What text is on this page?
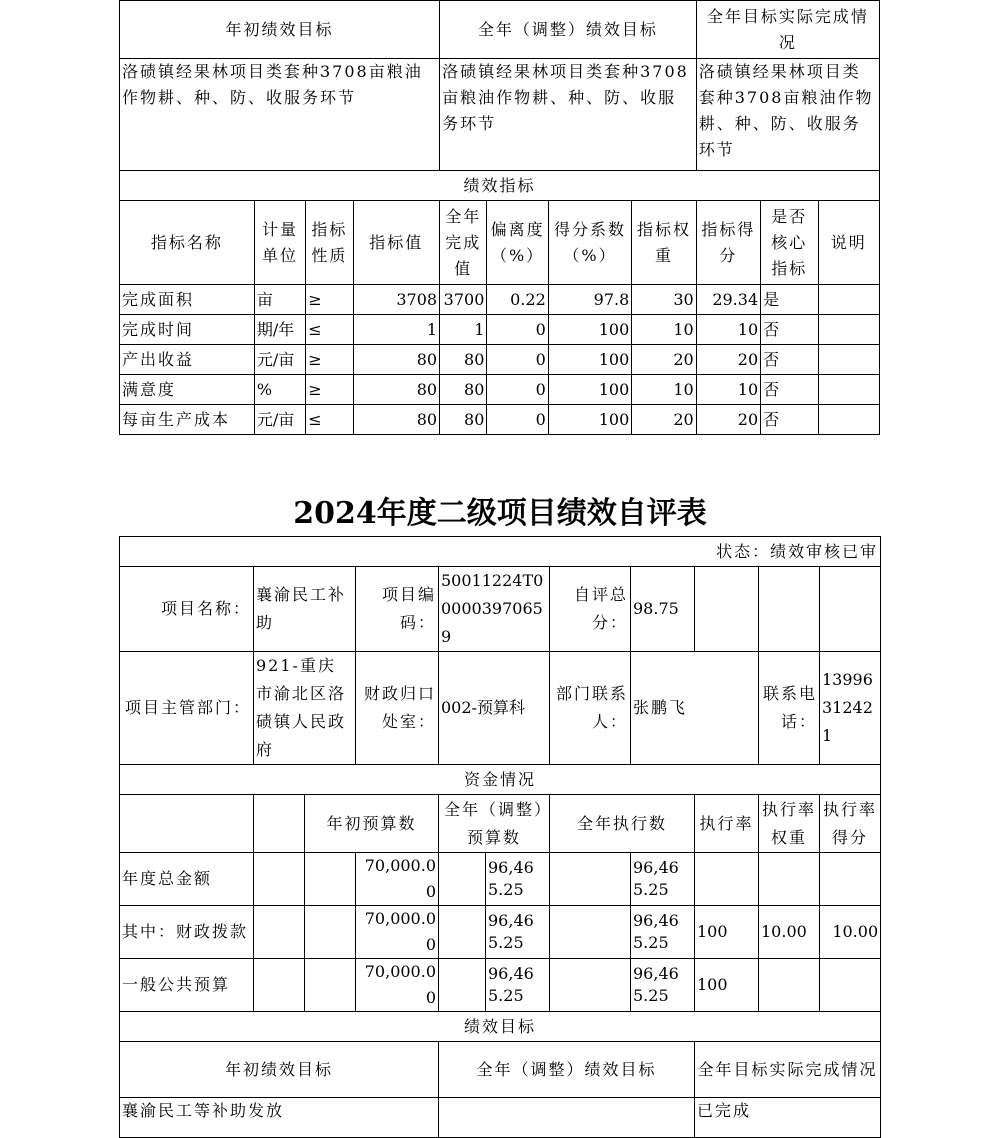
年初绩效目标				全年（调整）绩效目标				全年目标实际完成情况		
洛碛镇经果林项目类套种3708亩粮油作物耕、种、防、收服务环节				洛碛镇经果林项目类套种3708亩粮油作物耕、种、防、收服务环节				洛碛镇经果林项目类套种3708亩粮油作物耕、种、防、收服务环节		
绩效指标										
指标名称	计量单位	指标性质	指标值	全年完成值	偏离度（%）	得分系数（%）	指标权重	指标得分	是否核心指标	说明
完成面积	亩	≥	3708	3700	0.22	97.8	30	29.34	是	
完成时间	期/年	≤	1	1	0	100	10	10	否	
产出收益	元/亩	≥	80	80	0	100	20	20	否	
满意度	%	≥	80	80	0	100	10	10	否	
每亩生产成本	元/亩	≤	80	80	0	100	20	20	否	
2024年度二级项目绩效自评表
状态：绩效审核已审										
项目名称：	襄渝民工补助		项目编码：	50011224T000003970659		自评总分：	98.75			
项目主管部门：	921-重庆市渝北区洛碛镇人民政府		财政归口处室：	002-预算科		部门联系人：	张鹏飞		联系电话：	13996312421
资金情况										
		年初预算数		全年（调整）预算数		全年执行数		执行率	执行率权重	执行率得分
年度总金额			70,000.00		96,465.25		96,465.25			
其中：财政拨款			70,000.00		96,465.25		96,465.25	100	10.00	10.00
一般公共预算			70,000.00		96,465.25		96,465.25	100		
绩效目标										
年初绩效目标				全年（调整）绩效目标				全年目标实际完成情况		
襄渝民工等补助发放								已完成		
